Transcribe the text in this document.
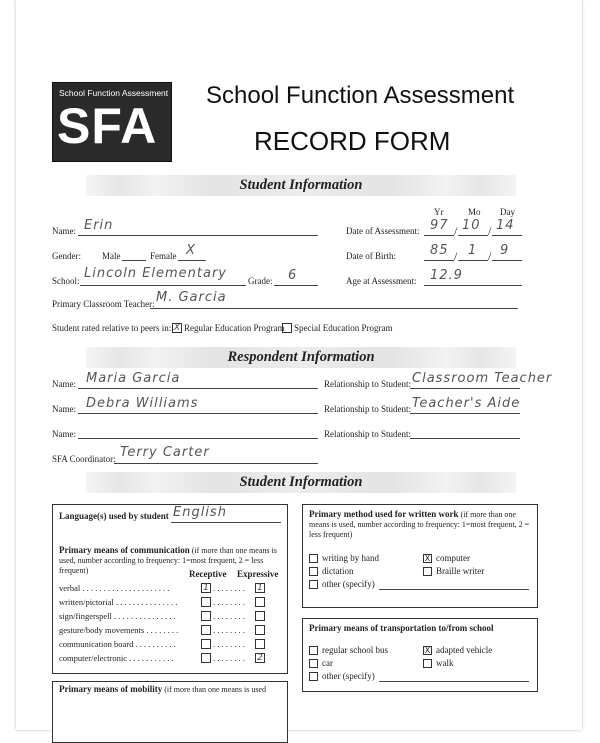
School Function Assessment
SFA
School Function Assessment
RECORD FORM
Student Information
Yr	Mo Day
Name: Erin	Date of Assessment: 97 / 10 / 14
Gender: Male	Female X	Date of Birth:	85 / 1 / 9
School: Lincoln Elementary Grade: 6	Age at Assessment: 12.9
Primary Classroom Teacher: M. Garcia
Student rated relative to peers in: X Regular Education Program Special Education Program
Respondent Information
Name: Maria Garcia	Relationship to Student: Classroom Teacher
Name: Debra Williams	Relationship to Student: Teacher's Aide
Name:	Relationship to Student:
SFA Coordinator: Terry Carter
Student Information
Language(s) used by student English
Primary means of communication (if more than one means is used, number according to frequency: 1=most frequent, 2 = less frequent)	Receptive Expressive
verbal . . . . . . . . . . . . . . . . . . . . .	1 . . . . . . . . 1
written/pictorial . . . . . . . . . . . . . . .	. . . . . . . .
sign/fingerspell . . . . . . . . . . . . . . .	. . . . . . . .
gesture/body movements . . . . . . . .	. . . . . . . .
communication board . . . . . . . . . .	. . . . . . . .
computer/electronic . . . . . . . . . . .	. . . . . . . . 2
Primary means of mobility (if more than one means is used
Primary method used for written work (if more than one means is used, number according to frequency: 1=most frequent, 2 = less frequent)
writing by hand	X computer
dictation	Braille writer
other (specify)
Primary means of transportation to/from school
regular school bus	X adapted vehicle
car	walk
other (specify)
